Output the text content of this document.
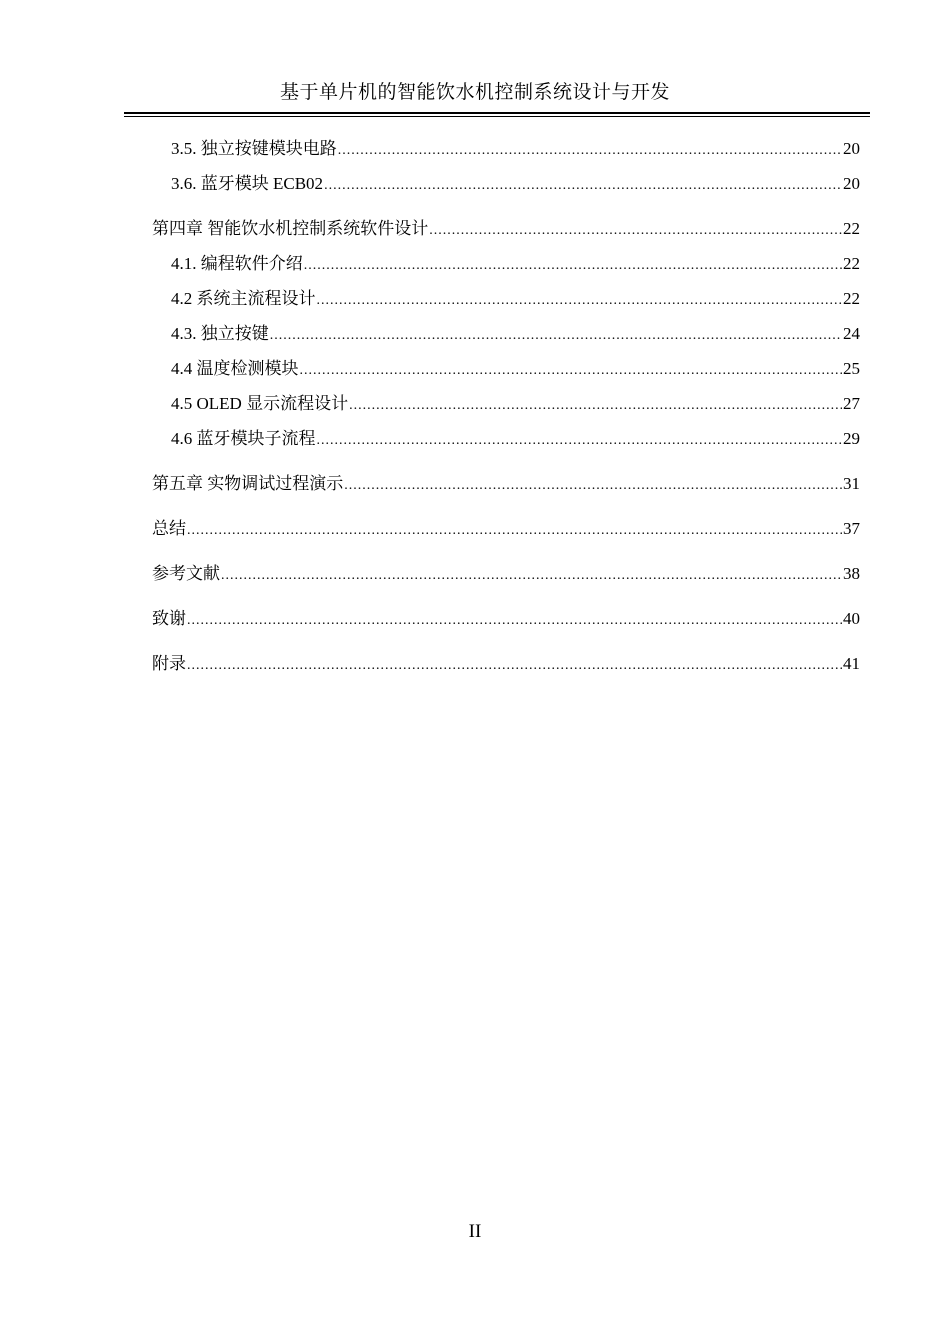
基于单片机的智能饮水机控制系统设计与开发
3.5. 独立按键模块电路 .....	20
3.6. 蓝牙模块 ECB02 .....	20
第四章 智能饮水机控制系统软件设计 .....	22
4.1. 编程软件介绍 .....	22
4.2 系统主流程设计 .....	22
4.3. 独立按键 .....	24
4.4 温度检测模块 .....	25
4.5 OLED 显示流程设计 .....	27
4.6 蓝牙模块子流程 .....	29
第五章 实物调试过程演示 .....	31
总结 .....	37
参考文献 .....	38
致谢 .....	40
附录 .....	41
II
